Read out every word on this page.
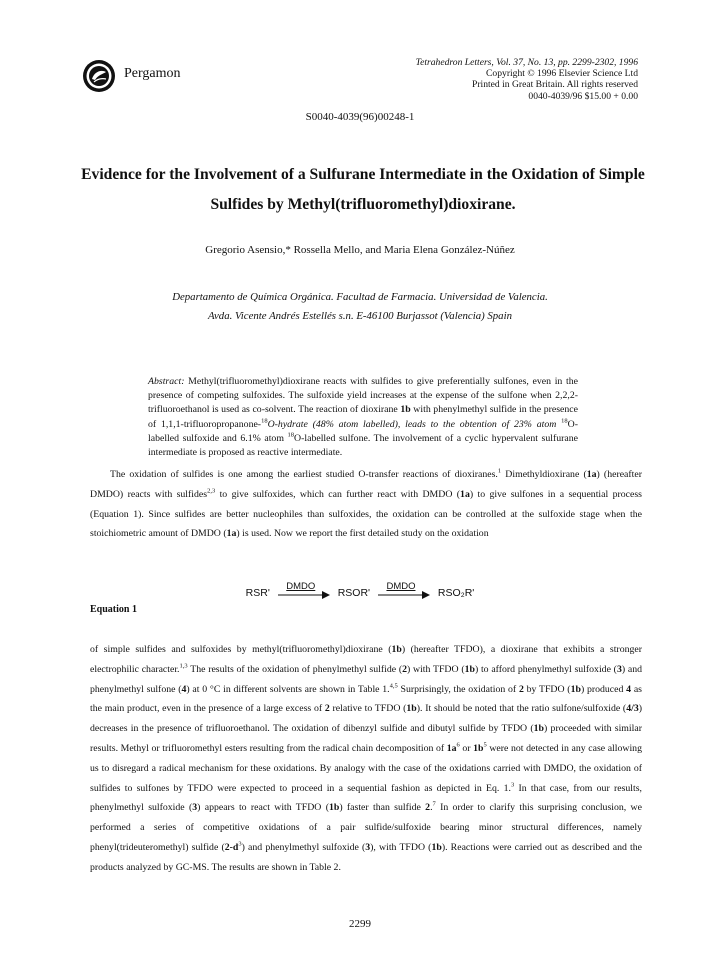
Pergamon
Tetrahedron Letters, Vol. 37, No. 13, pp. 2299-2302, 1996
Copyright © 1996 Elsevier Science Ltd
Printed in Great Britain. All rights reserved
0040-4039/96 $15.00 + 0.00
S0040-4039(96)00248-1
Evidence for the Involvement of a Sulfurane Intermediate in the Oxidation of Simple Sulfides by Methyl(trifluoromethyl)dioxirane.
Gregorio Asensio,* Rossella Mello, and Maria Elena González-Núñez
Departamento de Química Orgánica. Facultad de Farmacia. Universidad de Valencia.
Avda. Vicente Andrés Estellés s.n. E-46100 Burjassot (Valencia) Spain
Abstract: Methyl(trifluoromethyl)dioxirane reacts with sulfides to give preferentially sulfones, even in the presence of competing sulfoxides. The sulfoxide yield increases at the expense of the sulfone when 2,2,2-trifluoroethanol is used as co-solvent. The reaction of dioxirane 1b with phenylmethyl sulfide in the presence of 1,1,1-trifluoropropanone-$^{18}$O-hydrate (48% atom labelled), leads to the obtention of 23% atom $^{18}$O-labelled sulfoxide and 6.1% atom $^{18}$O-labelled sulfone. The involvement of a cyclic hypervalent sulfurane intermediate is proposed as reactive intermediate.
The oxidation of sulfides is one among the earliest studied O-transfer reactions of dioxiranes.$^1$ Dimethyldioxirane (1a) (hereafter DMDO) reacts with sulfides$^{2,3}$ to give sulfoxides, which can further react with DMDO (1a) to give sulfones in a sequential process (Equation 1). Since sulfides are better nucleophiles than sulfoxides, the oxidation can be controlled at the sulfoxide stage when the stoichiometric amount of DMDO (1a) is used. Now we report the first detailed study on the oxidation
RSR'
DMDO
RSOR'
DMDO
RSO₂R'
Equation 1
of simple sulfides and sulfoxides by methyl(trifluoromethyl)dioxirane (1b) (hereafter TFDO), a dioxirane that exhibits a stronger electrophilic character.$^{1,3}$ The results of the oxidation of phenylmethyl sulfide (2) with TFDO (1b) to afford phenylmethyl sulfoxide (3) and phenylmethyl sulfone (4) at 0 °C in different solvents are shown in Table 1.$^{4,5}$ Surprisingly, the oxidation of 2 by TFDO (1b) produced 4 as the main product, even in the presence of a large excess of 2 relative to TFDO (1b). It should be noted that the ratio sulfone/sulfoxide (4/3) decreases in the presence of trifluoroethanol. The oxidation of dibenzyl sulfide and dibutyl sulfide by TFDO (1b) proceeded with similar results. Methyl or trifluoromethyl esters resulting from the radical chain decomposition of $1a^6$ or $1b^5$ were not detected in any case allowing us to disregard a radical mechanism for these oxidations. By analogy with the case of the oxidations carried with DMDO, the oxidation of sulfides to sulfones by TFDO were expected to proceed in a sequential fashion as depicted in Eq. 1.$^3$ In that case, from our results, phenylmethyl sulfoxide (3) appears to react with TFDO (1b) faster than sulfide 2.$^7$ In order to clarify this surprising conclusion, we performed a series of competitive oxidations of a pair sulfide/sulfoxide bearing minor structural differences, namely phenyl(trideuteromethyl) sulfide $(2-d^3)$ and phenylmethyl sulfoxide (3), with TFDO (1b). Reactions were carried out as described and the products analyzed by GC-MS. The results are shown in Table 2.
2299
